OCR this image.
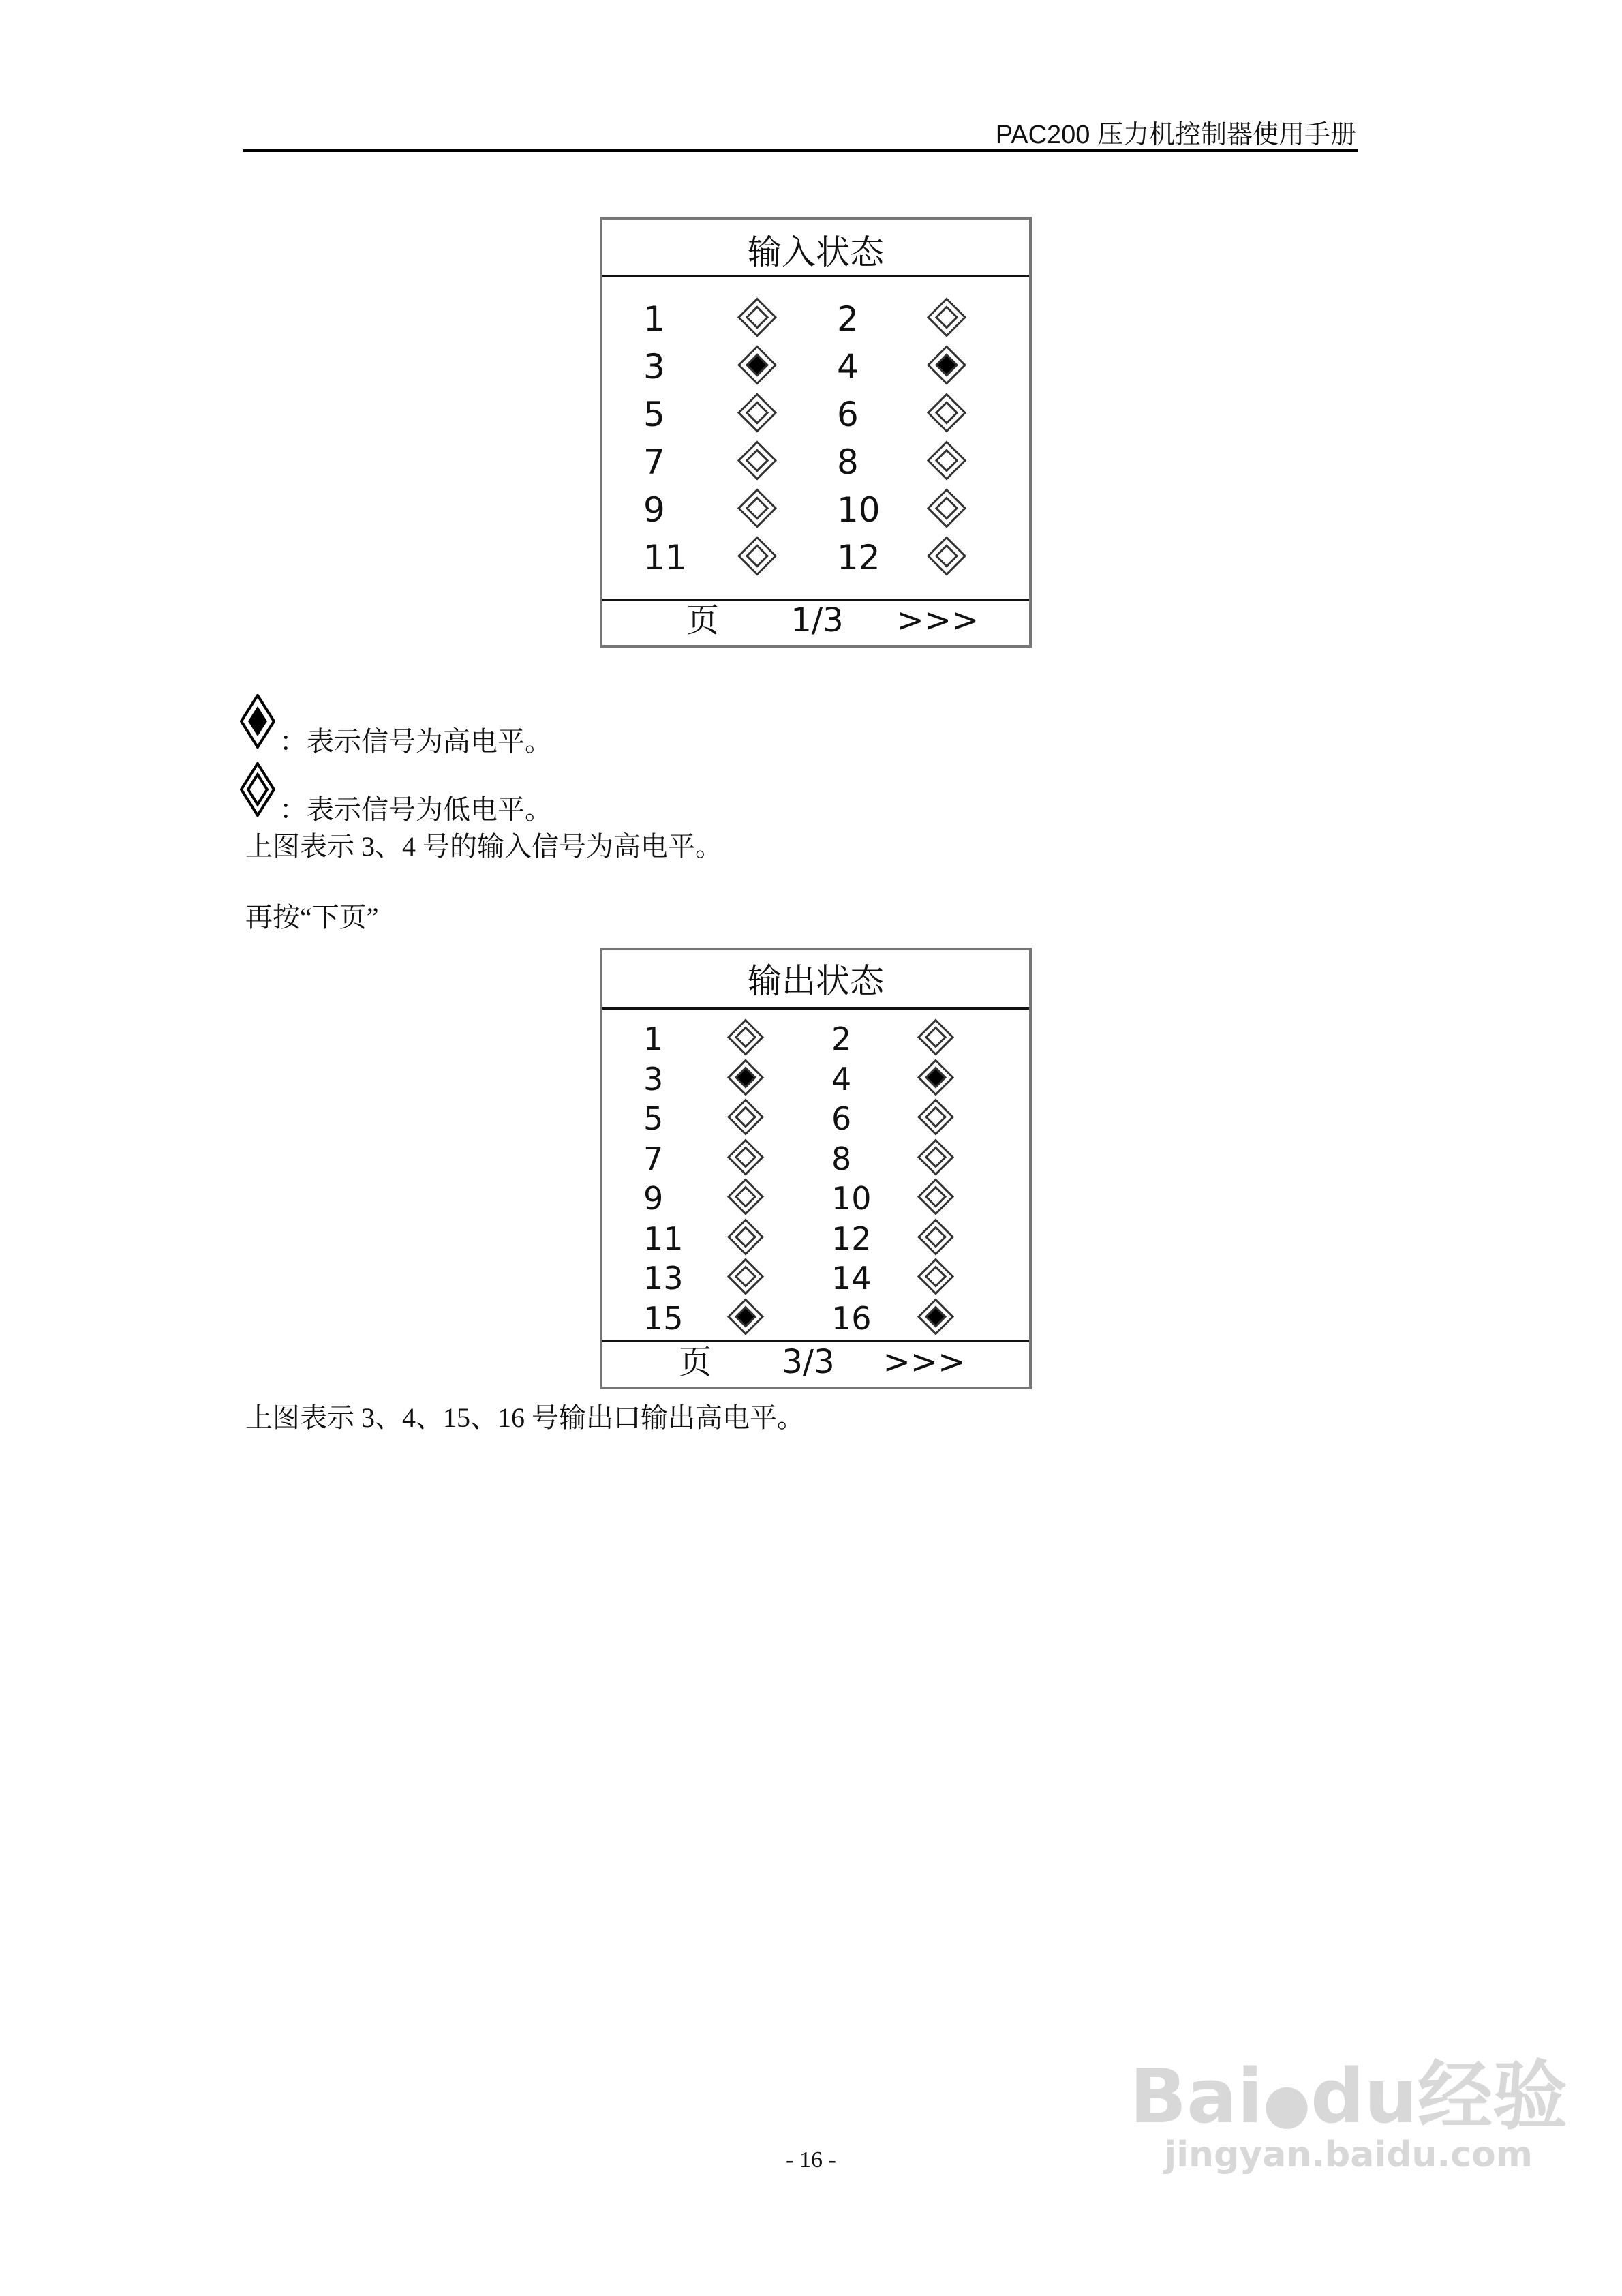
PAC200 压力机控制器使用手册
输入状态
页 1/3 >>>
1	2
3	4
5	6
7	8
9	10
11	12
：表示信号为高电平。
：表示信号为低电平。
上图表示 3、4 号的输入信号为高电平。
再按“下页”
输出状态
页 3/3 >>>
1	2
3	4
5	6
7	8
9	10
11	12
13	14
15	16
上图表示 3、4、15、16 号输出口输出高电平。
- 16 -
Bai●du经验
jingyan.baidu.com
